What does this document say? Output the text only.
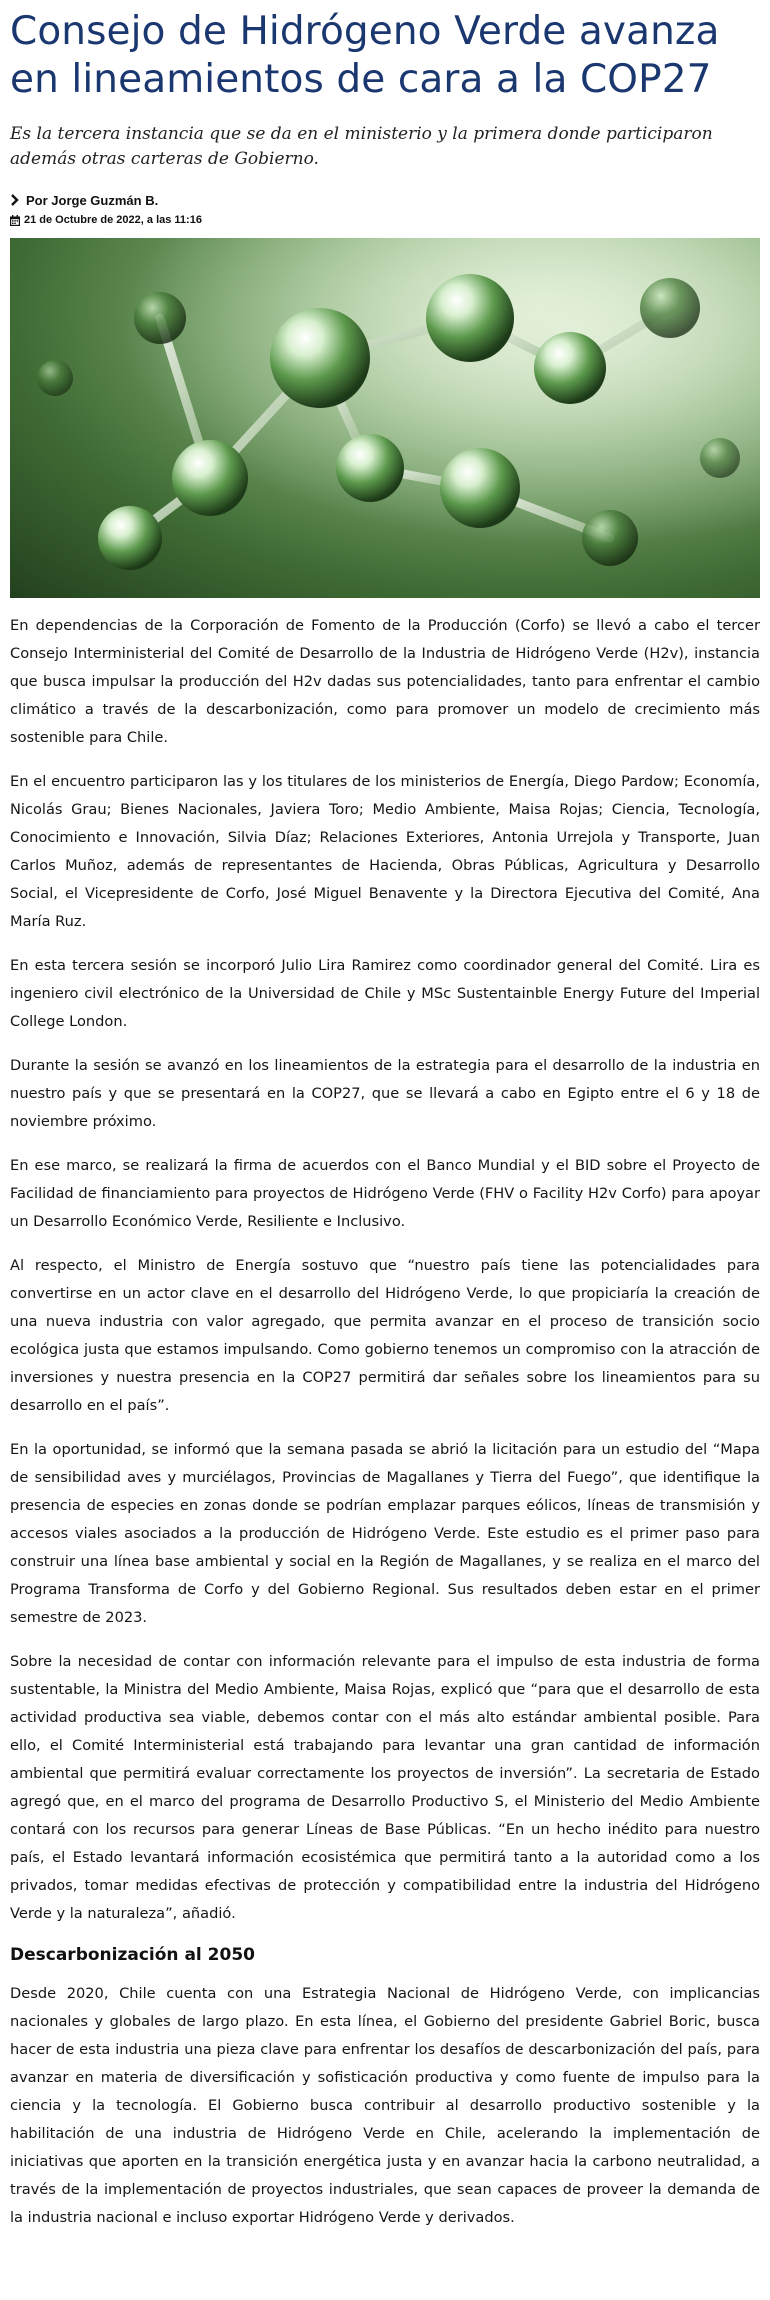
Consejo de Hidrógeno Verde avanza en lineamientos de cara a la COP27

Es la tercera instancia que se da en el ministerio y la primera donde participaron además otras carteras de Gobierno.

Por Jorge Guzmán B.
21 de Octubre de 2022, a las 11:16

En dependencias de la Corporación de Fomento de la Producción (Corfo) se llevó a cabo el tercer Consejo Interministerial del Comité de Desarrollo de la Industria de Hidrógeno Verde (H2v), instancia que busca impulsar la producción del H2v dadas sus potencialidades, tanto para enfrentar el cambio climático a través de la descarbonización, como para promover un modelo de crecimiento más sostenible para Chile.

En el encuentro participaron las y los titulares de los ministerios de Energía, Diego Pardow; Economía, Nicolás Grau; Bienes Nacionales, Javiera Toro; Medio Ambiente, Maisa Rojas; Ciencia, Tecnología, Conocimiento e Innovación, Silvia Díaz; Relaciones Exteriores, Antonia Urrejola y Transporte, Juan Carlos Muñoz, además de representantes de Hacienda, Obras Públicas, Agricultura y Desarrollo Social, el Vicepresidente de Corfo, José Miguel Benavente y la Directora Ejecutiva del Comité, Ana María Ruz.

En esta tercera sesión se incorporó Julio Lira Ramirez como coordinador general del Comité. Lira es ingeniero civil electrónico de la Universidad de Chile y MSc Sustentainble Energy Future del Imperial College London.

Durante la sesión se avanzó en los lineamientos de la estrategia para el desarrollo de la industria en nuestro país y que se presentará en la COP27, que se llevará a cabo en Egipto entre el 6 y 18 de noviembre próximo.

En ese marco, se realizará la firma de acuerdos con el Banco Mundial y el BID sobre el Proyecto de Facilidad de financiamiento para proyectos de Hidrógeno Verde (FHV o Facility H2v Corfo) para apoyar un Desarrollo Económico Verde, Resiliente e Inclusivo.

Al respecto, el Ministro de Energía sostuvo que “nuestro país tiene las potencialidades para convertirse en un actor clave en el desarrollo del Hidrógeno Verde, lo que propiciaría la creación de una nueva industria con valor agregado, que permita avanzar en el proceso de transición socio ecológica justa que estamos impulsando. Como gobierno tenemos un compromiso con la atracción de inversiones y nuestra presencia en la COP27 permitirá dar señales sobre los lineamientos para su desarrollo en el país”.

En la oportunidad, se informó que la semana pasada se abrió la licitación para un estudio del “Mapa de sensibilidad aves y murciélagos, Provincias de Magallanes y Tierra del Fuego”, que identifique la presencia de especies en zonas donde se podrían emplazar parques eólicos, líneas de transmisión y accesos viales asociados a la producción de Hidrógeno Verde. Este estudio es el primer paso para construir una línea base ambiental y social en la Región de Magallanes, y se realiza en el marco del Programa Transforma de Corfo y del Gobierno Regional. Sus resultados deben estar en el primer semestre de 2023.

Sobre la necesidad de contar con información relevante para el impulso de esta industria de forma sustentable, la Ministra del Medio Ambiente, Maisa Rojas, explicó que “para que el desarrollo de esta actividad productiva sea viable, debemos contar con el más alto estándar ambiental posible. Para ello, el Comité Interministerial está trabajando para levantar una gran cantidad de información ambiental que permitirá evaluar correctamente los proyectos de inversión”. La secretaria de Estado agregó que, en el marco del programa de Desarrollo Productivo S, el Ministerio del Medio Ambiente contará con los recursos para generar Líneas de Base Públicas. “En un hecho inédito para nuestro país, el Estado levantará información ecosistémica que permitirá tanto a la autoridad como a los privados, tomar medidas efectivas de protección y compatibilidad entre la industria del Hidrógeno Verde y la naturaleza”, añadió.

Descarbonización al 2050

Desde 2020, Chile cuenta con una Estrategia Nacional de Hidrógeno Verde, con implicancias nacionales y globales de largo plazo. En esta línea, el Gobierno del presidente Gabriel Boric, busca hacer de esta industria una pieza clave para enfrentar los desafíos de descarbonización del país, para avanzar en materia de diversificación y sofisticación productiva y como fuente de impulso para la ciencia y la tecnología. El Gobierno busca contribuir al desarrollo productivo sostenible y la habilitación de una industria de Hidrógeno Verde en Chile, acelerando la implementación de iniciativas que aporten en la transición energética justa y en avanzar hacia la carbono neutralidad, a través de la implementación de proyectos industriales, que sean capaces de proveer la demanda de la industria nacional e incluso exportar Hidrógeno Verde y derivados.
